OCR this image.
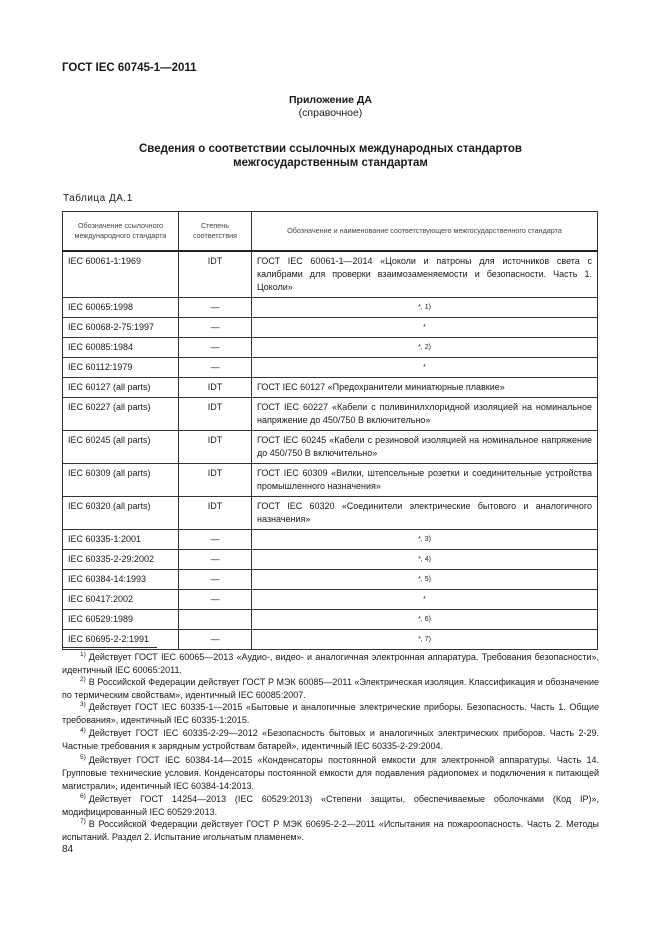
ГОСТ IEC 60745-1—2011
Приложение ДА
(справочное)
Сведения о соответствии ссылочных международных стандартов
межгосударственным стандартам
Таблица ДА.1
Обозначение ссылочного международного стандарта	Степень соответствия	Обозначение и наименование соответствующего межгосударственного стандарта
IEC 60061-1:1969	IDT	ГОСТ IEC 60061-1—2014 «Цоколи и патроны для источников света с калибрами для проверки взаимозаменяемости и безопасности. Часть 1. Цоколи»
IEC 60065:1998	—	*, 1)
IEC 60068-2-75:1997	—	*
IEC 60085:1984	—	*, 2)
IEC 60112:1979	—	*
IEC 60127 (all parts)	IDT	ГОСТ IEC 60127 «Предохранители миниатюрные плавкие»
IEC 60227 (all parts)	IDT	ГОСТ IEC 60227 «Кабели с поливинилхлоридной изоляцией на номинальное напряжение до 450/750 В включительно»
IEC 60245 (all parts)	IDT	ГОСТ IEC 60245 «Кабели с резиновой изоляцией на номинальное напряжение до 450/750 В включительно»
IEC 60309 (all parts)	IDT	ГОСТ IEC 60309 «Вилки, штепсельные розетки и соединительные устройства промышленного назначения»
IEC 60320 (all parts)	IDT	ГОСТ IEC 60320 «Соединители электрические бытового и аналогичного назначения»
IEC 60335-1:2001	—	*, 3)
IEC 60335-2-29:2002	—	*, 4)
IEC 60384-14:1993	—	*, 5)
IEC 60417:2002	—	*
IEC 60529:1989		*, 6)
IEC 60695-2-2:1991	—	*, 7)
$^{1)}$ Действует ГОСТ IEC 60065—2013 «Аудио-, видео- и аналогичная электронная аппаратура. Требования безопасности», идентичный IEC 60065:2011.
$^{2)}$ В Российской Федерации действует ГОСТ Р МЭК 60085—2011 «Электрическая изоляция. Классификация и обозначение по термическим свойствам», идентичный IEC 60085:2007.
$^{3)}$ Действует ГОСТ IEC 60335-1—2015 «Бытовые и аналогичные электрические приборы. Безопасность. Часть 1. Общие требования», идентичный IEC 60335-1:2015.
$^{4)}$ Действует ГОСТ IEC 60335-2-29—2012 «Безопасность бытовых и аналогичных электрических приборов. Часть 2-29. Частные требования к зарядным устройствам батарей», идентичный IEC 60335-2-29:2004.
$^{5)}$ Действует ГОСТ IEC 60384-14—2015 «Конденсаторы постоянной емкости для электронной аппаратуры. Часть 14. Групповые технические условия. Конденсаторы постоянной емкости для подавления радиопомех и подключения к питающей магистрали», идентичный IEC 60384-14:2013.
$^{6)}$ Действует ГОСТ 14254—2013 (IEC 60529:2013) «Степени защиты, обеспечиваемые оболочками (Код IP)», модифицированный IEC 60529:2013.
$^{7)}$ В Российской Федерации действует ГОСТ Р МЭК 60695-2-2—2011 «Испытания на пожароопасность. Часть 2. Методы испытаний. Раздел 2. Испытание игольчатым пламенем».
84
